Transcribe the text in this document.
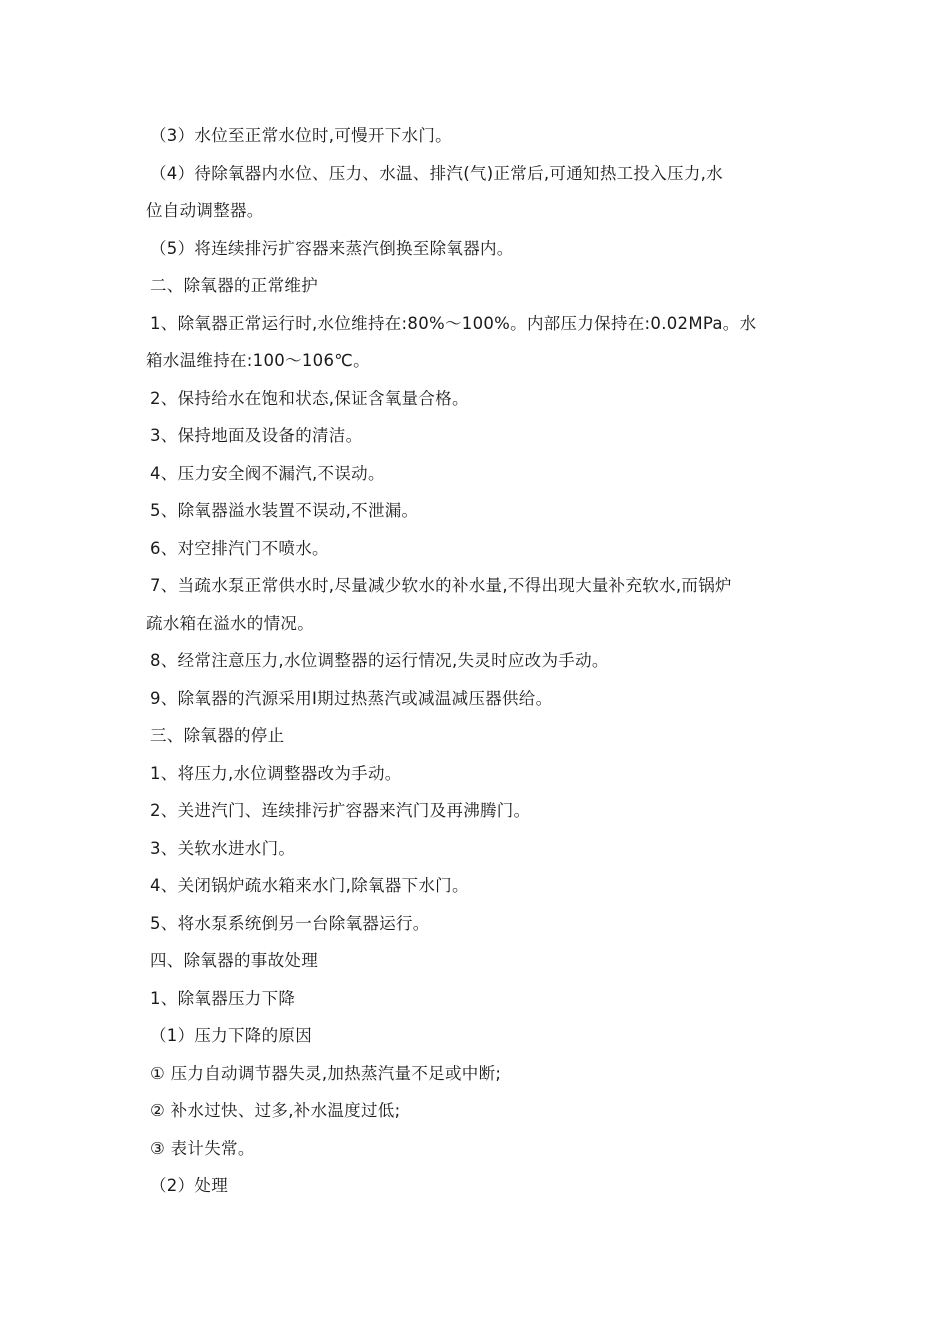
（3）水位至正常水位时,可慢开下水门。
（4）待除氧器内水位、压力、水温、排汽(气)正常后,可通知热工投入压力,水
位自动调整器。
（5）将连续排污扩容器来蒸汽倒换至除氧器内。
二、除氧器的正常维护
1、除氧器正常运行时,水位维持在:80%～100%。内部压力保持在:0.02MPa。水
箱水温维持在:100～106℃。
2、保持给水在饱和状态,保证含氧量合格。
3、保持地面及设备的清洁。
4、压力安全阀不漏汽,不误动。
5、除氧器溢水装置不误动,不泄漏。
6、对空排汽门不喷水。
7、当疏水泵正常供水时,尽量减少软水的补水量,不得出现大量补充软水,而锅炉
疏水箱在溢水的情况。
8、经常注意压力,水位调整器的运行情况,失灵时应改为手动。
9、除氧器的汽源采用Ⅰ期过热蒸汽或减温减压器供给。
三、除氧器的停止
1、将压力,水位调整器改为手动。
2、关进汽门、连续排污扩容器来汽门及再沸腾门。
3、关软水进水门。
4、关闭锅炉疏水箱来水门,除氧器下水门。
5、将水泵系统倒另一台除氧器运行。
四、除氧器的事故处理
1、除氧器压力下降
（1）压力下降的原因
① 压力自动调节器失灵,加热蒸汽量不足或中断;
② 补水过快、过多,补水温度过低;
③ 表计失常。
（2）处理
